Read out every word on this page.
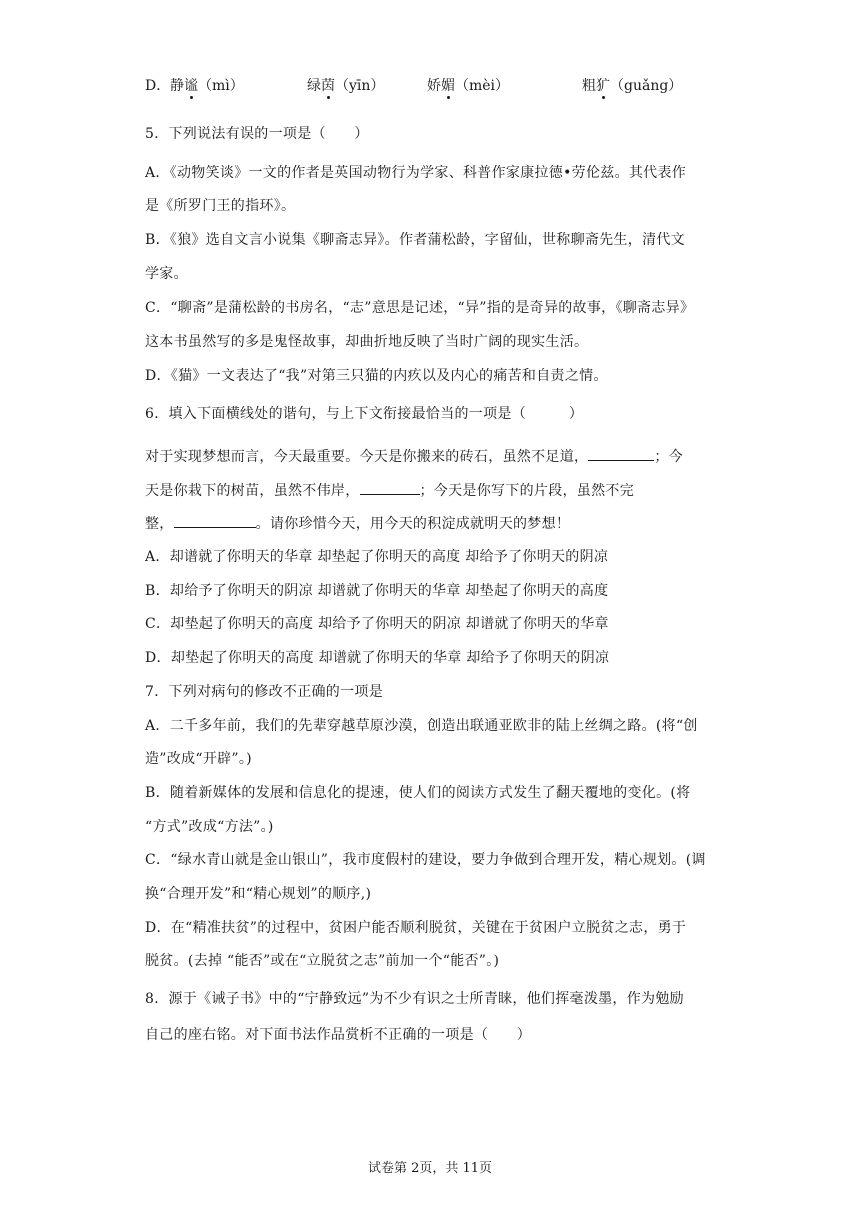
D． 静谧（mì）	绿茵（yīn）	娇媚（mèi）	粗犷（guǎng）
5．下列说法有误的一项是（　　）
A．《动物笑谈》一文的作者是英国动物行为学家、科普作家康拉德•劳伦兹。其代表作
是《所罗门王的指环》。
B．《狼》选自文言小说集《聊斋志异》。作者蒲松龄，字留仙，世称聊斋先生，清代文
学家。
C．“聊斋”是蒲松龄的书房名，“志”意思是记述，“异”指的是奇异的故事，《聊斋志异》
这本书虽然写的多是鬼怪故事，却曲折地反映了当时广阔的现实生活。
D．《猫》一文表达了“我”对第三只猫的内疚以及内心的痛苦和自责之情。
6．填入下面横线处的谐句，与上下文衔接最恰当的一项是（　　　）
对于实现梦想而言，今天最重要。今天是你搬来的砖石，虽然不足道，	；今
天是你栽下的树苗，虽然不伟岸，	；今天是你写下的片段，虽然不完
整，	。请你珍惜今天，用今天的积淀成就明天的梦想！
A．却谱就了你明天的华章 却垫起了你明天的高度 却给予了你明天的阴凉
B．却给予了你明天的阴凉 却谱就了你明天的华章 却垫起了你明天的高度
C．却垫起了你明天的高度 却给予了你明天的阴凉 却谱就了你明天的华章
D．却垫起了你明天的高度 却谱就了你明天的华章 却给予了你明天的阴凉
7．下列对病句的修改不正确的一项是
A．二千多年前，我们的先辈穿越草原沙漠，创造出联通亚欧非的陆上丝绸之路。(将“创
造”改成“开辟”。)
B．随着新媒体的发展和信息化的提速，使人们的阅读方式发生了翻天覆地的变化。(将
“方式”改成“方法”。)
C．“绿水青山就是金山银山”，我市度假村的建设，要力争做到合理开发，精心规划。(调
换“合理开发”和“精心规划”的顺序,)
D．在“精准扶贫”的过程中，贫困户能否顺利脱贫，关键在于贫困户立脱贫之志，勇于
脱贫。(去掉 “能否”或在“立脱贫之志”前加一个“能否”。)
8．源于《诫子书》中的“宁静致远”为不少有识之士所青睐，他们挥毫泼墨，作为勉励
自己的座右铭。对下面书法作品赏析不正确的一项是（　　）
试卷第 2页，共 11页
